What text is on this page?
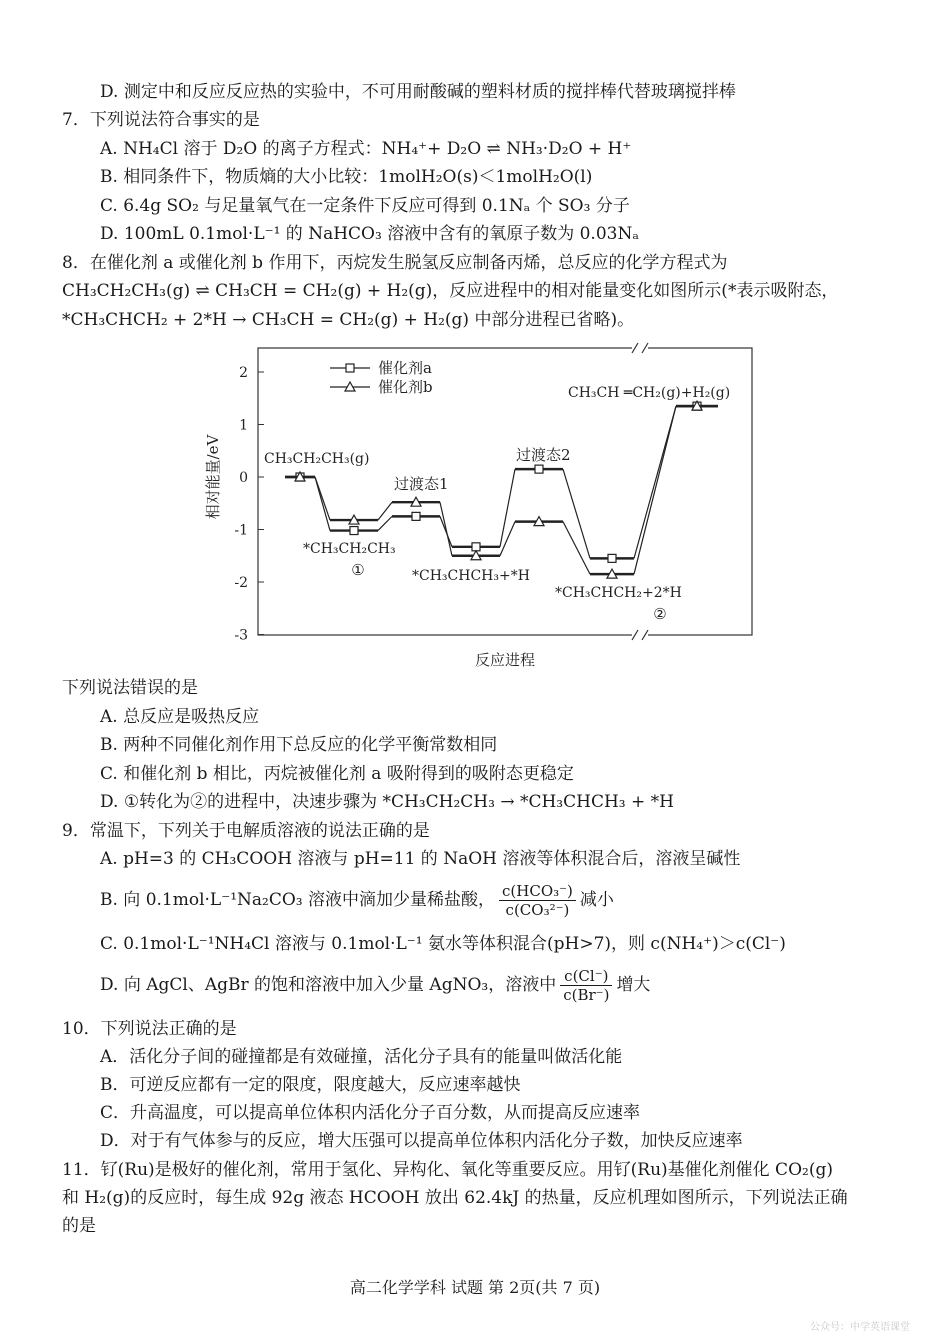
D. 测定中和反应反应热的实验中，不可用耐酸碱的塑料材质的搅拌棒代替玻璃搅拌棒
7．下列说法符合事实的是
A. NH₄Cl 溶于 D₂O 的离子方程式：NH₄⁺+ D₂O ⇌ NH₃·D₂O + H⁺
B. 相同条件下，物质熵的大小比较：1molH₂O(s)＜1molH₂O(l)
C. 6.4g SO₂ 与足量氧气在一定条件下反应可得到 0.1Nₐ 个 SO₃ 分子
D. 100mL 0.1mol·L⁻¹ 的 NaHCO₃ 溶液中含有的氧原子数为 0.03Nₐ
8．在催化剂 a 或催化剂 b 作用下，丙烷发生脱氢反应制备丙烯，总反应的化学方程式为
CH₃CH₂CH₃(g) ⇌ CH₃CH = CH₂(g) + H₂(g)，反应进程中的相对能量变化如图所示(*表示吸附态，
*CH₃CHCH₂ + 2*H → CH₃CH = CH₂(g) + H₂(g) 中部分进程已省略)。
2
1
0
-1
-2
-3
相对能量/eV
反应进程
催化剂a
催化剂b
CH₃CH₂CH₃(g)
*CH₃CH₂CH₃
①
过渡态1
*CH₃CHCH₃+*H
过渡态2
*CH₃CHCH₂+2*H
②
CH₃CH ═CH₂(g)+H₂(g)
下列说法错误的是
A. 总反应是吸热反应
B. 两种不同催化剂作用下总反应的化学平衡常数相同
C. 和催化剂 b 相比，丙烷被催化剂 a 吸附得到的吸附态更稳定
D. ①转化为②的进程中，决速步骤为 *CH₃CH₂CH₃ → *CH₃CHCH₃ + *H
9．常温下，下列关于电解质溶液的说法正确的是
A. pH=3 的 CH₃COOH 溶液与 pH=11 的 NaOH 溶液等体积混合后，溶液呈碱性
B. 向 0.1mol·L⁻¹Na₂CO₃ 溶液中滴加少量稀盐酸， $\frac{\text{c(HCO₃⁻)}}{\text{c(CO₃²⁻)}}$ 减小
C. 0.1mol·L⁻¹NH₄Cl 溶液与 0.1mol·L⁻¹ 氨水等体积混合(pH>7)，则 c(NH₄⁺)＞c(Cl⁻)
D. 向 AgCl、AgBr 的饱和溶液中加入少量 AgNO₃，溶液中 $\frac{c(Cl^-)}{c(Br^-)}$ 增大
10．下列说法正确的是
A．活化分子间的碰撞都是有效碰撞，活化分子具有的能量叫做活化能
B．可逆反应都有一定的限度，限度越大，反应速率越快
C．升高温度，可以提高单位体积内活化分子百分数，从而提高反应速率
D．对于有气体参与的反应，增大压强可以提高单位体积内活化分子数，加快反应速率
11．钌(Ru)是极好的催化剂，常用于氢化、异构化、氧化等重要反应。用钌(Ru)基催化剂催化 CO₂(g)
和 H₂(g)的反应时，每生成 92g 液态 HCOOH 放出 62.4kJ 的热量，反应机理如图所示，下列说法正确
的是
高二化学学科 试题 第 2页(共 7 页)
公众号：中学英语课堂
